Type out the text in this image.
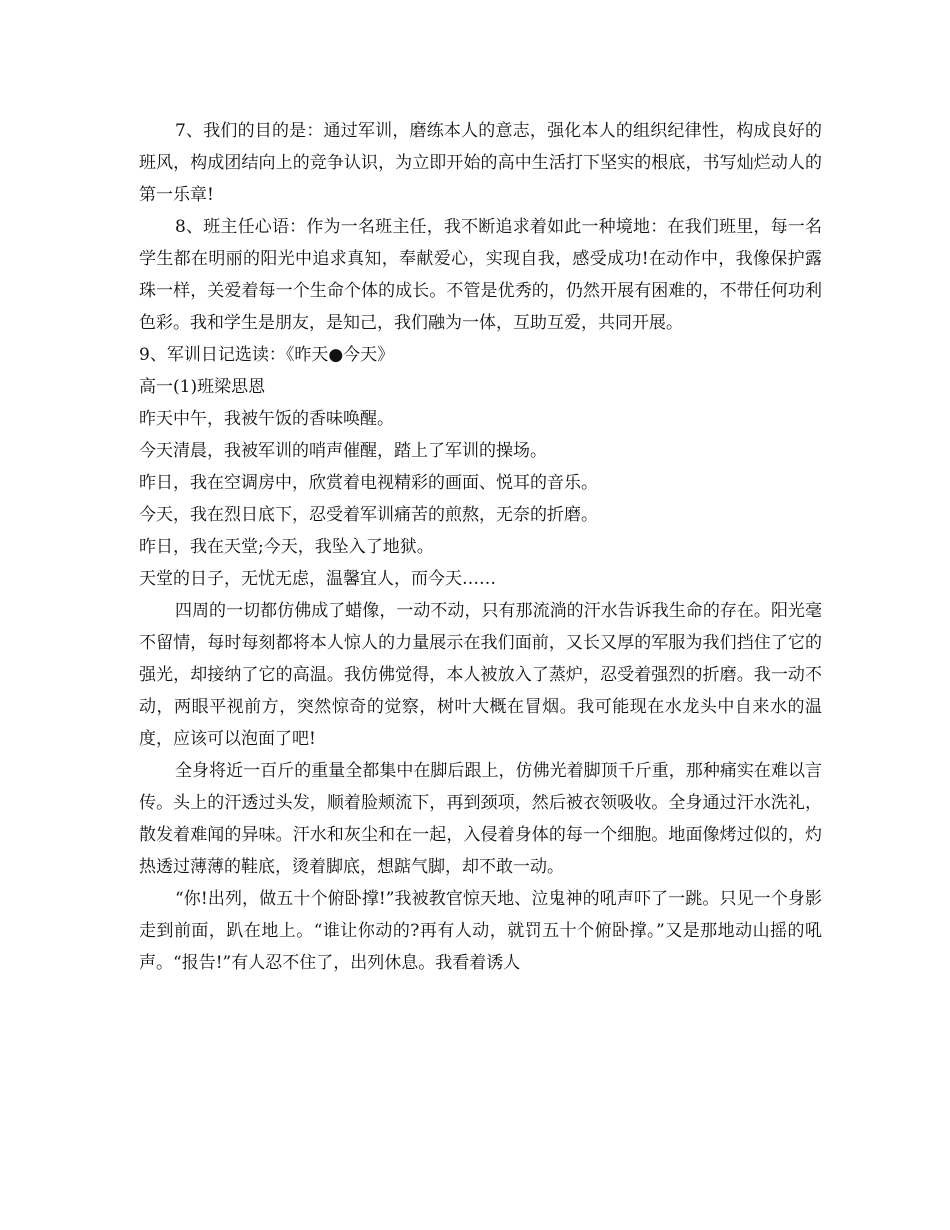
7、我们的目的是：通过军训，磨练本人的意志，强化本人的组织纪律性，构成良好的班风，构成团结向上的竞争认识，为立即开始的高中生活打下坚实的根底，书写灿烂动人的第一乐章!

8、班主任心语：作为一名班主任，我不断追求着如此一种境地：在我们班里，每一名学生都在明丽的阳光中追求真知，奉献爱心，实现自我，感受成功!在动作中，我像保护露珠一样，关爱着每一个生命个体的成长。不管是优秀的，仍然开展有困难的，不带任何功利色彩。我和学生是朋友，是知己，我们融为一体，互助互爱，共同开展。

9、军训日记选读：《昨天●今天》

高一(1)班梁思恩

昨天中午，我被午饭的香味唤醒。

今天清晨，我被军训的哨声催醒，踏上了军训的操场。

昨日，我在空调房中，欣赏着电视精彩的画面、悦耳的音乐。

今天，我在烈日底下，忍受着军训痛苦的煎熬，无奈的折磨。

昨日，我在天堂;今天，我坠入了地狱。

天堂的日子，无忧无虑，温馨宜人，而今天……

四周的一切都仿佛成了蜡像，一动不动，只有那流淌的汗水告诉我生命的存在。阳光毫不留情，每时每刻都将本人惊人的力量展示在我们面前，又长又厚的军服为我们挡住了它的强光，却接纳了它的高温。我仿佛觉得，本人被放入了蒸炉，忍受着强烈的折磨。我一动不动，两眼平视前方，突然惊奇的觉察，树叶大概在冒烟。我可能现在水龙头中自来水的温度，应该可以泡面了吧!

全身将近一百斤的重量全都集中在脚后跟上，仿佛光着脚顶千斤重，那种痛实在难以言传。头上的汗透过头发，顺着脸颊流下，再到颈项，然后被衣领吸收。全身通过汗水洗礼，散发着难闻的异味。汗水和灰尘和在一起，入侵着身体的每一个细胞。地面像烤过似的，灼热透过薄薄的鞋底，烫着脚底，想踮气脚，却不敢一动。

“你!出列，做五十个俯卧撑!”我被教官惊天地、泣鬼神的吼声吓了一跳。只见一个身影走到前面，趴在地上。“谁让你动的?再有人动，就罚五十个俯卧撑。”又是那地动山摇的吼声。“报告!”有人忍不住了，出列休息。我看着诱人
